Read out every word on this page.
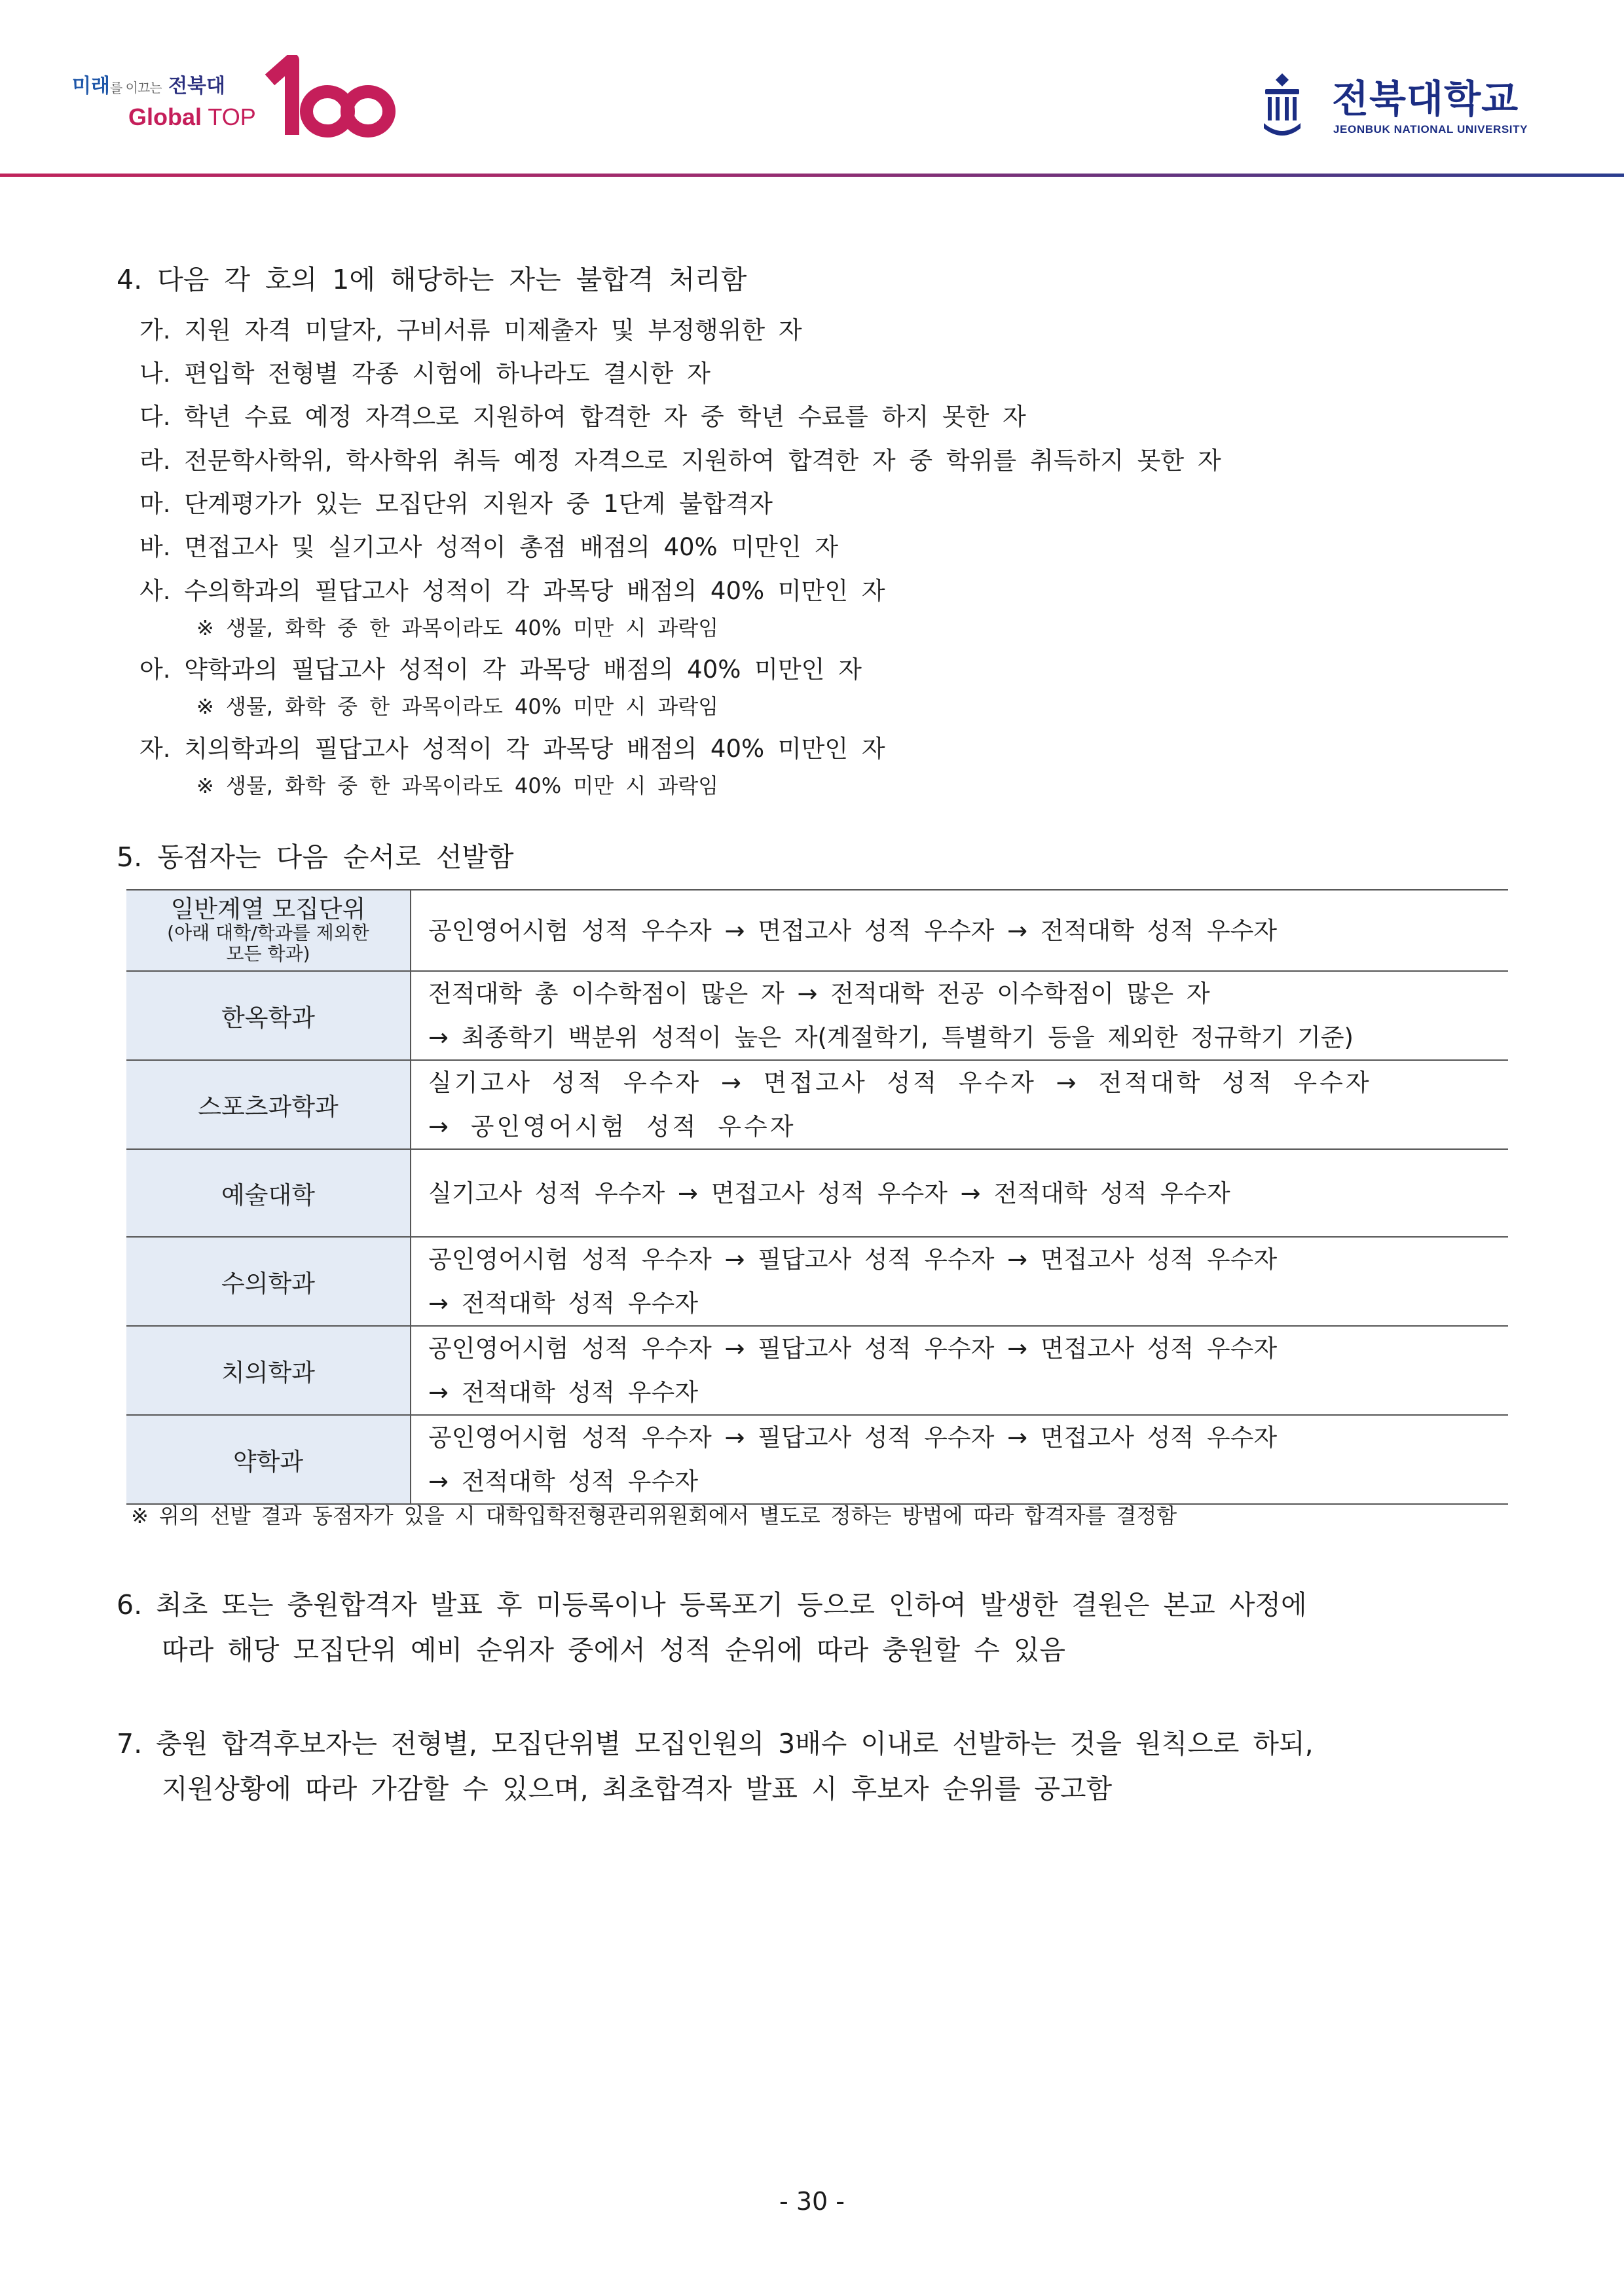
미래를 이끄는 전북대
Global TOP	전북대학교
JEONBUK NATIONAL UNIVERSITY
4. 다음 각 호의 1에 해당하는 자는 불합격 처리함
가. 지원 자격 미달자, 구비서류 미제출자 및 부정행위한 자
나. 편입학 전형별 각종 시험에 하나라도 결시한 자
다. 학년 수료 예정 자격으로 지원하여 합격한 자 중 학년 수료를 하지 못한 자
라. 전문학사학위, 학사학위 취득 예정 자격으로 지원하여 합격한 자 중 학위를 취득하지 못한 자
마. 단계평가가 있는 모집단위 지원자 중 1단계 불합격자
바. 면접고사 및 실기고사 성적이 총점 배점의 40% 미만인 자
사. 수의학과의 필답고사 성적이 각 과목당 배점의 40% 미만인 자
※ 생물, 화학 중 한 과목이라도 40% 미만 시 과락임
아. 약학과의 필답고사 성적이 각 과목당 배점의 40% 미만인 자
※ 생물, 화학 중 한 과목이라도 40% 미만 시 과락임
자. 치의학과의 필답고사 성적이 각 과목당 배점의 40% 미만인 자
※ 생물, 화학 중 한 과목이라도 40% 미만 시 과락임
5. 동점자는 다음 순서로 선발함
일반계열 모집단위
(아래 대학/학과를 제외한
모든 학과)	공인영어시험 성적 우수자 → 면접고사 성적 우수자 → 전적대학 성적 우수자

한옥학과	전적대학 총 이수학점이 많은 자 → 전적대학 전공 이수학점이 많은 자
→ 최종학기 백분위 성적이 높은 자(계절학기, 특별학기 등을 제외한 정규학기 기준)

스포츠과학과	실기고사 성적 우수자 → 면접고사 성적 우수자 → 전적대학 성적 우수자
→ 공인영어시험 성적 우수자

예술대학	실기고사 성적 우수자 → 면접고사 성적 우수자 → 전적대학 성적 우수자

수의학과	공인영어시험 성적 우수자 → 필답고사 성적 우수자 → 면접고사 성적 우수자
→ 전적대학 성적 우수자

치의학과	공인영어시험 성적 우수자 → 필답고사 성적 우수자 → 면접고사 성적 우수자
→ 전적대학 성적 우수자

약학과	공인영어시험 성적 우수자 → 필답고사 성적 우수자 → 면접고사 성적 우수자
→ 전적대학 성적 우수자
※ 위의 선발 결과 동점자가 있을 시 대학입학전형관리위원회에서 별도로 정하는 방법에 따라 합격자를 결정함
6. 최초 또는 충원합격자 발표 후 미등록이나 등록포기 등으로 인하여 발생한 결원은 본교 사정에
따라 해당 모집단위 예비 순위자 중에서 성적 순위에 따라 충원할 수 있음
7. 충원 합격후보자는 전형별, 모집단위별 모집인원의 3배수 이내로 선발하는 것을 원칙으로 하되,
지원상황에 따라 가감할 수 있으며, 최초합격자 발표 시 후보자 순위를 공고함
- 30 -
